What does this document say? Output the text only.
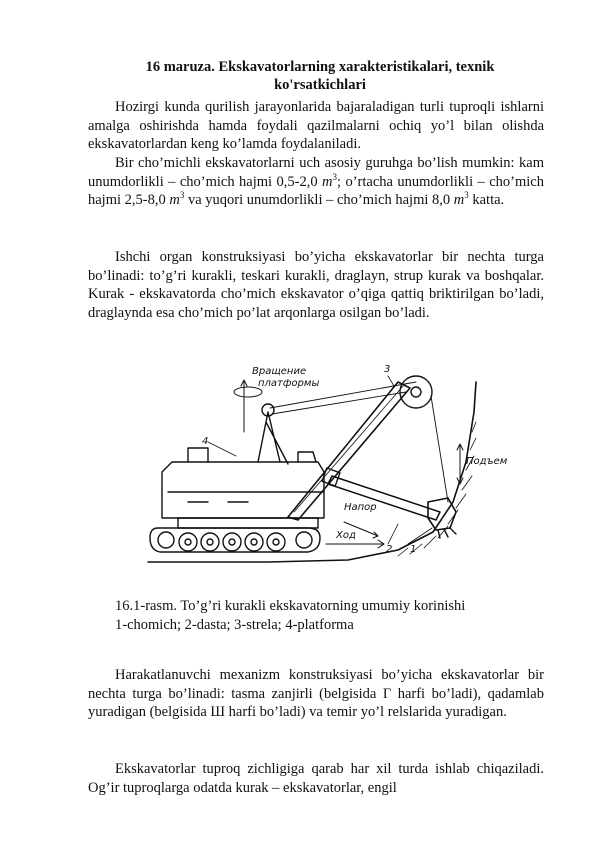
16 maruza. Ekskavatorlarning xarakteristikalari, texnik
ko'rsatkichlari

Hozirgi kunda qurilish jarayonlarida bajaraladigan turli tuproqli ishlarni amalga oshirishda hamda foydali qazilmalarni ochiq yo’l bilan olishda ekskavatorlardan keng ko’lamda foydalaniladi.

Bir cho’michli ekskavatorlarni uch asosiy guruhga bo’lish mumkin: kam unumdorlikli – cho’mich hajmi 0,5-2,0 $m^3$; o’rtacha unumdorlikli – cho’mich hajmi 2,5-8,0 $m^3$ va yuqori unumdorlikli – cho’mich hajmi 8,0 $m^3$ katta.

Ishchi organ konstruksiyasi bo’yicha ekskavatorlar bir nechta turga bo’linadi: to’g’ri kurakli, teskari kurakli, draglayn, strup kurak va boshqalar. Kurak - ekskavatorda cho’mich ekskavator o’qiga qattiq briktirilgan bo’ladi, draglaynda esa cho’mich po’lat arqonlarga osilgan bo’ladi.

Вращение
платформы
Подъем
Напор
Ход
1
2
3
4

16.1-rasm. To’g’ri kurakli ekskavatorning umumiy korinishi

1-chomich; 2-dasta; 3-strela; 4-platforma

Harakatlanuvchi mexanizm konstruksiyasi bo’yicha ekskavatorlar bir nechta turga bo’linadi: tasma zanjirli (belgisida Г harfi bo’ladi), qadamlab yuradigan (belgisida Ш harfi bo’ladi) va temir yo’l relslarida yuradigan.

Ekskavatorlar tuproq zichligiga qarab har xil turda ishlab chiqaziladi. Og’ir tuproqlarga odatda kurak – ekskavatorlar, engil
